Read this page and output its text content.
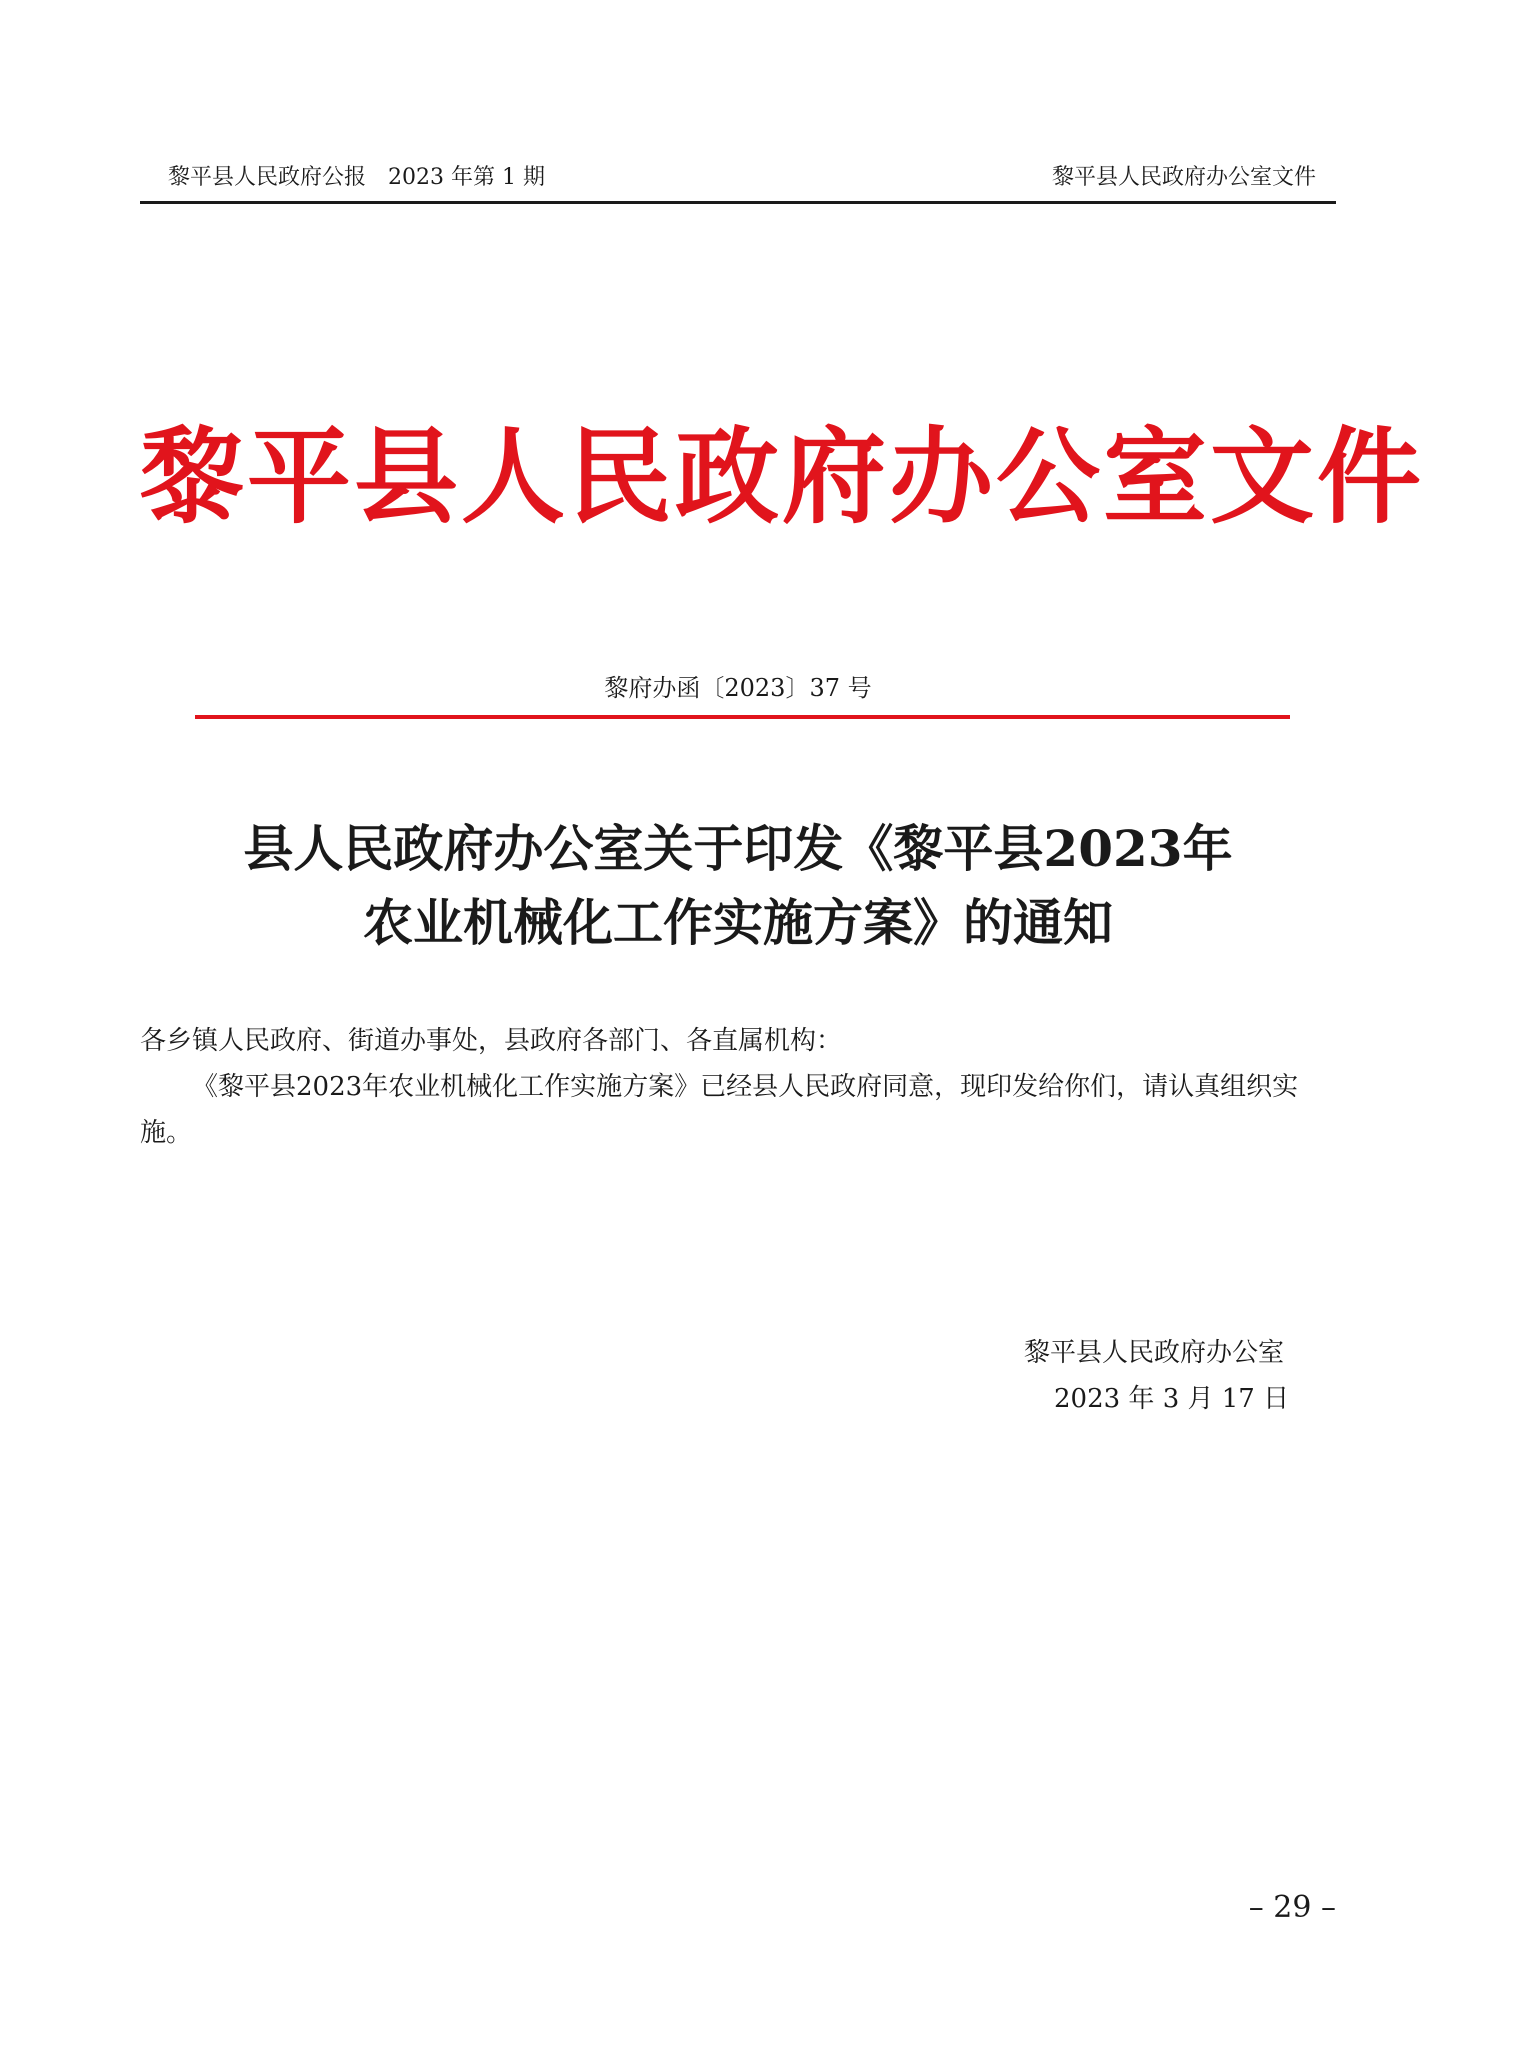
黎平县人民政府公报　2023 年第 1 期	黎平县人民政府办公室文件
黎平县人民政府办公室文件
黎府办函〔2023〕37 号
县人民政府办公室关于印发《黎平县2023年
农业机械化工作实施方案》的通知

各乡镇人民政府、街道办事处，县政府各部门、各直属机构：

《黎平县2023年农业机械化工作实施方案》已经县人民政府同意，现印发给你们，请认真组织实施。

黎平县人民政府办公室
2023 年 3 月 17 日
– 29 –
